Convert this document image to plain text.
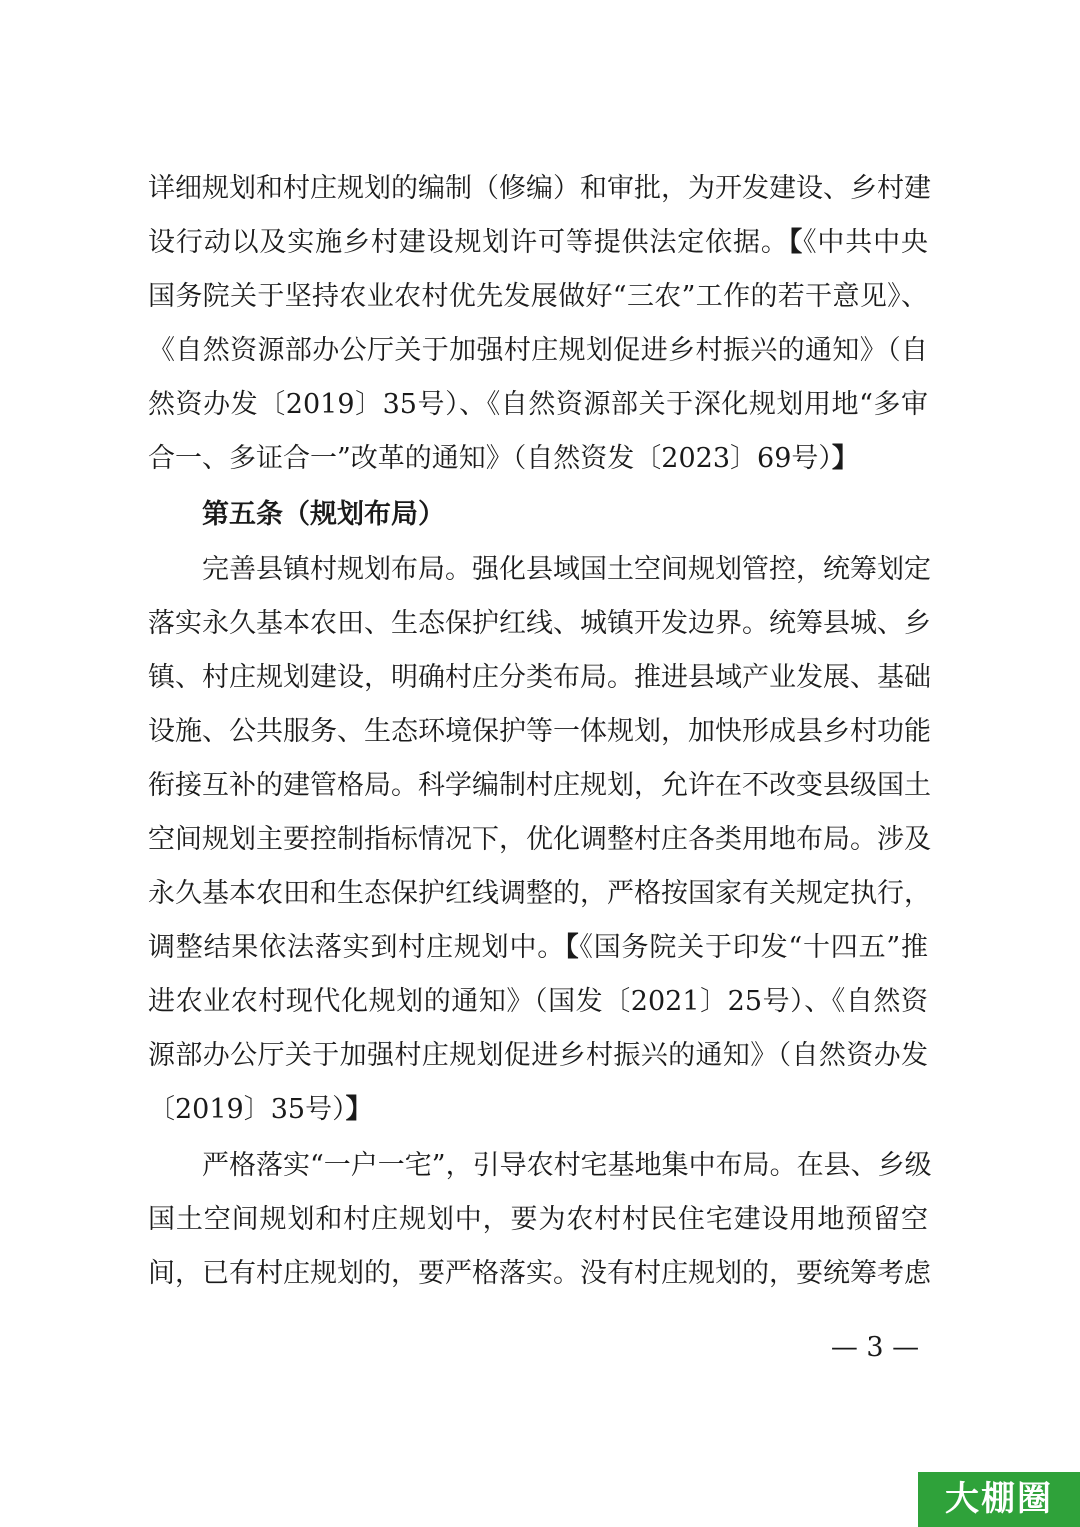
详细规划和村庄规划的编制（修编）和审批，为开发建设、乡村建
设行动以及实施乡村建设规划许可等提供法定依据。【《中共中央
国务院关于坚持农业农村优先发展做好“三农”工作的若干意见》、
《自然资源部办公厅关于加强村庄规划促进乡村振兴的通知》（自
然资办发〔2019〕35号）、《自然资源部关于深化规划用地“多审
合一、多证合一”改革的通知》（自然资发〔2023〕69号）】
第五条（规划布局）
完善县镇村规划布局。强化县域国土空间规划管控，统筹划定
落实永久基本农田、生态保护红线、城镇开发边界。统筹县城、乡
镇、村庄规划建设，明确村庄分类布局。推进县域产业发展、基础
设施、公共服务、生态环境保护等一体规划，加快形成县乡村功能
衔接互补的建管格局。科学编制村庄规划，允许在不改变县级国土
空间规划主要控制指标情况下，优化调整村庄各类用地布局。涉及
永久基本农田和生态保护红线调整的，严格按国家有关规定执行，
调整结果依法落实到村庄规划中。【《国务院关于印发“十四五”推
进农业农村现代化规划的通知》（国发〔2021〕25号）、《自然资
源部办公厅关于加强村庄规划促进乡村振兴的通知》（自然资办发
〔2019〕35号）】
严格落实“一户一宅”，引导农村宅基地集中布局。在县、乡级
国土空间规划和村庄规划中，要为农村村民住宅建设用地预留空
间，已有村庄规划的，要严格落实。没有村庄规划的，要统筹考虑
— 3 —
大棚圈
